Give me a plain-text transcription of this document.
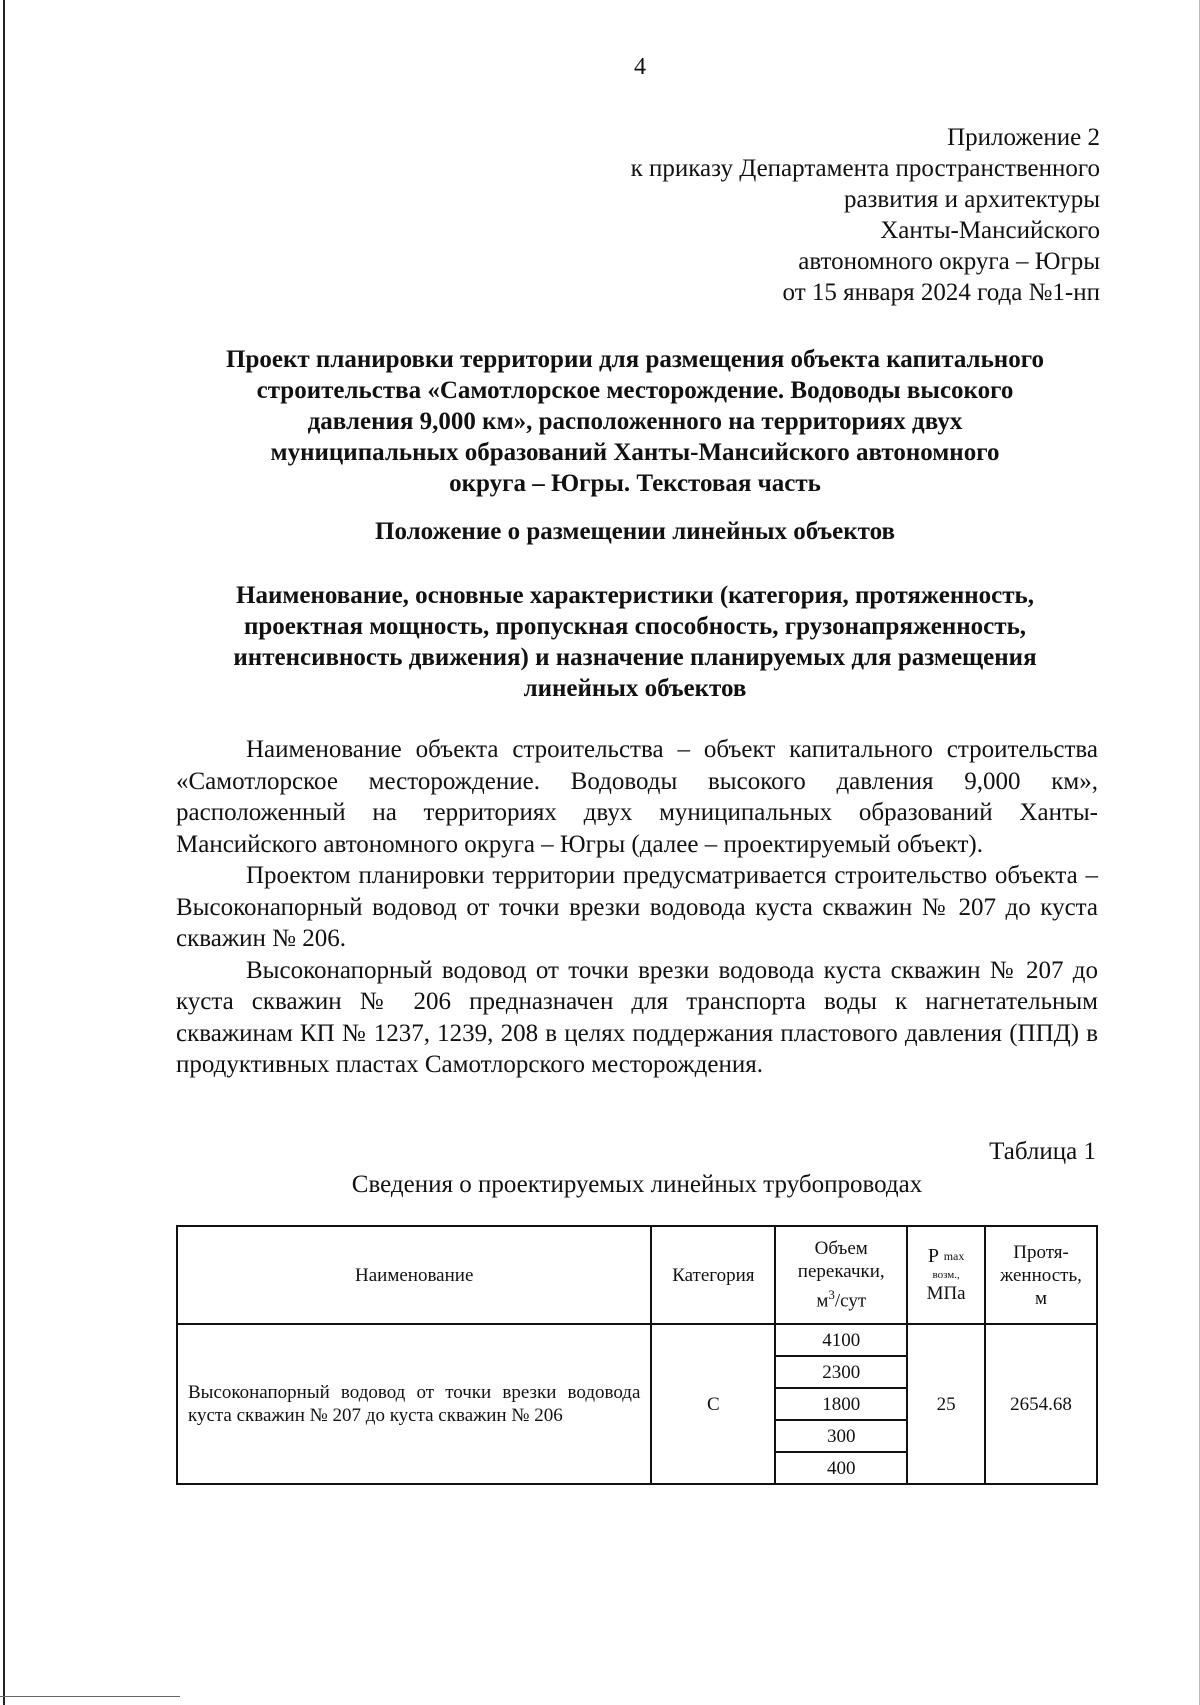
4
Приложение 2
к приказу Департамента пространственного
развития и архитектуры
Ханты-Мансийского
автономного округа – Югры
от 15 января 2024 года №1-нп
Проект планировки территории для размещения объекта капитального
строительства «Самотлорское месторождение. Водоводы высокого
давления 9,000 км», расположенного на территориях двух
муниципальных образований Ханты-Мансийского автономного
округа – Югры. Текстовая часть
Положение о размещении линейных объектов
Наименование, основные характеристики (категория, протяженность,
проектная мощность, пропускная способность, грузонапряженность,
интенсивность движения) и назначение планируемых для размещения
линейных объектов

Наименование объекта строительства – объект капитального строительства «Самотлорское месторождение. Водоводы высокого давления 9,000 км», расположенный на территориях двух муниципальных образований Ханты-Мансийского автономного округа – Югры (далее – проектируемый объект).

Проектом планировки территории предусматривается строительство объекта – Высоконапорный водовод от точки врезки водовода куста скважин № 207 до куста скважин № 206.

Высоконапорный водовод от точки врезки водовода куста скважин № 207 до куста скважин № 206 предназначен для транспорта воды к нагнетательным скважинам КП № 1237, 1239, 208 в целях поддержания пластового давления (ППД) в продуктивных пластах Самотлорского месторождения.

Таблица 1
Сведения о проектируемых линейных трубопроводах
Наименование	Категория	Объем
перекачки,
$м^3$/сут	P $^{max}$
возм.,
МПа	Протя-
женность,
м
Высоконапорный водовод от точки врезки водовода куста скважин № 207 до куста скважин № 206	С	4100	25	2654.68
		2300		
		1800		
		300		
		400		
